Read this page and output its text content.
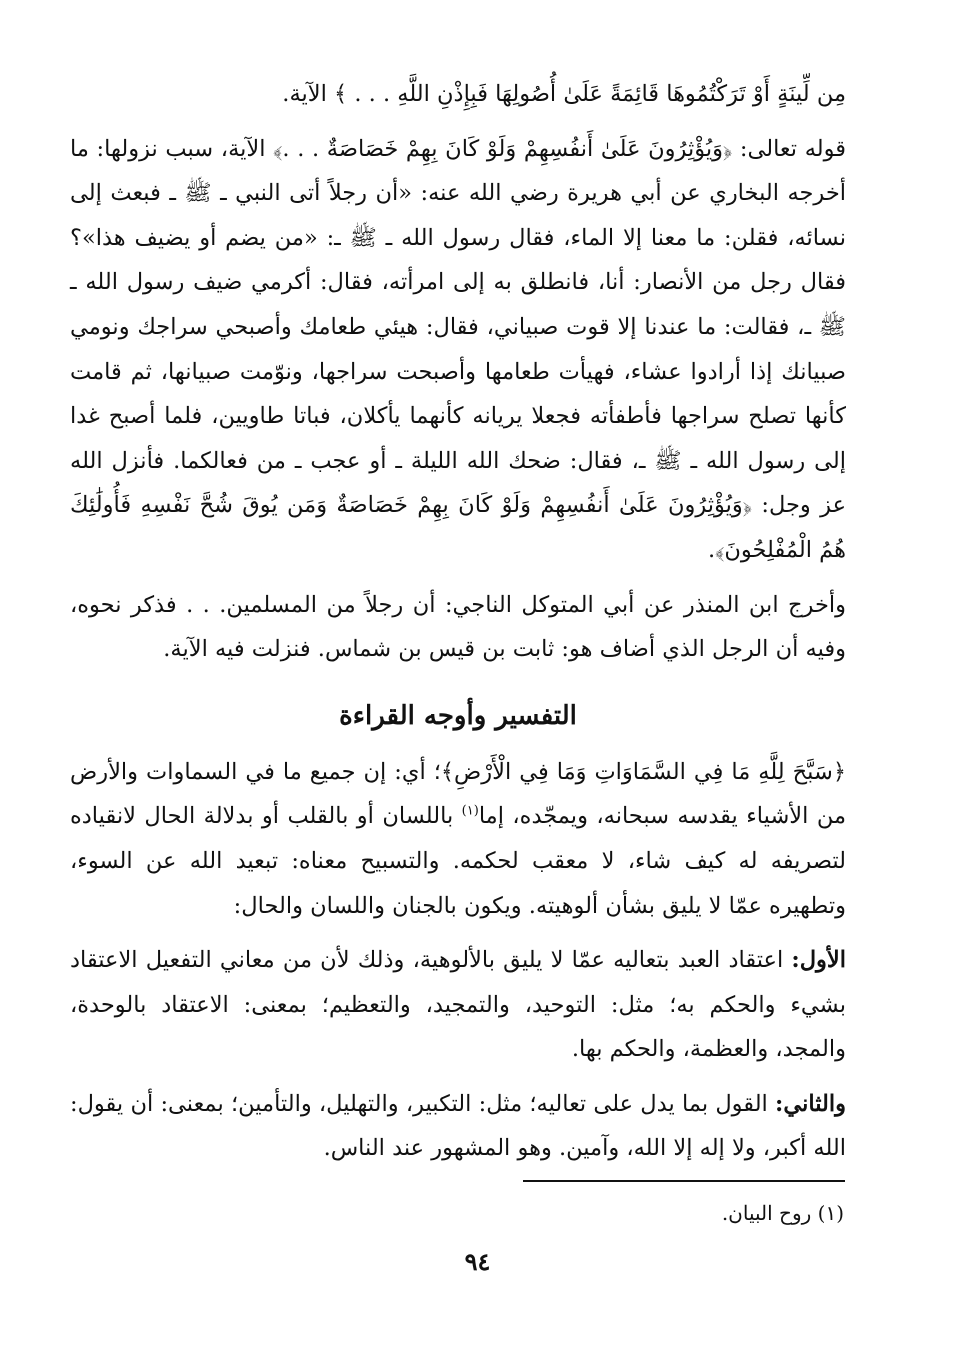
مِن لِّينَةٍ أَوْ تَرَكْتُمُوهَا قَائِمَةً عَلَىٰ أُصُولِهَا فَبِإِذْنِ اللَّهِ . . . ﴾ الآية.

قوله تعالى: ﴿وَيُؤْثِرُونَ عَلَىٰ أَنفُسِهِمْ وَلَوْ كَانَ بِهِمْ خَصَاصَةٌ . . .﴾ الآية، سبب نزولها: ما أخرجه البخاري عن أبي هريرة رضي الله عنه: «أن رجلاً أتى النبي ـ ﷺ ـ فبعث إلى نسائه، فقلن: ما معنا إلا الماء، فقال رسول الله ـ ﷺ ـ: «من يضم أو يضيف هذا»؟ فقال رجل من الأنصار: أنا، فانطلق به إلى امرأته، فقال: أكرمي ضيف رسول الله ـ ﷺ ـ، فقالت: ما عندنا إلا قوت صبياني، فقال: هيئي طعامك وأصبحي سراجك ونومي صبيانك إذا أرادوا عشاء، فهيأت طعامها وأصبحت سراجها، ونوّمت صبيانها، ثم قامت كأنها تصلح سراجها فأطفأته فجعلا يريانه كأنهما يأكلان، فباتا طاويين، فلما أصبح غدا إلى رسول الله ـ ﷺ ـ، فقال: ضحك الله الليلة ـ أو عجب ـ من فعالكما. فأنزل الله عز وجل: ﴿وَيُؤْثِرُونَ عَلَىٰ أَنفُسِهِمْ وَلَوْ كَانَ بِهِمْ خَصَاصَةٌ وَمَن يُوقَ شُحَّ نَفْسِهِ فَأُولَٰئِكَ هُمُ الْمُفْلِحُونَ﴾.

وأخرج ابن المنذر عن أبي المتوكل الناجي: أن رجلاً من المسلمين. . . فذكر نحوه، وفيه أن الرجل الذي أضاف هو: ثابت بن قيس بن شماس. فنزلت فيه الآية.

التفسير وأوجه القراءة

﴿سَبَّحَ لِلَّهِ مَا فِي السَّمَاوَاتِ وَمَا فِي الْأَرْضِ﴾؛ أي: إن جميع ما في السماوات والأرض من الأشياء يقدسه سبحانه، ويمجّده، إما$^{(١)}$ باللسان أو بالقلب أو بدلالة الحال لانقياده لتصريفه له كيف شاء، لا معقب لحكمه. والتسبيح معناه: تبعيد الله عن السوء، وتطهيره عمّا لا يليق بشأن ألوهيته. ويكون بالجنان واللسان والحال:

الأول: اعتقاد العبد بتعاليه عمّا لا يليق بالألوهية، وذلك لأن من معاني التفعيل الاعتقاد بشيء والحكم به؛ مثل: التوحيد، والتمجيد، والتعظيم؛ بمعنى: الاعتقاد بالوحدة، والمجد، والعظمة، والحكم بها.

والثاني: القول بما يدل على تعاليه؛ مثل: التكبير، والتهليل، والتأمين؛ بمعنى: أن يقول: الله أكبر، ولا إله إلا الله، وآمين. وهو المشهور عند الناس.

(١) روح البيان.
٩٤
